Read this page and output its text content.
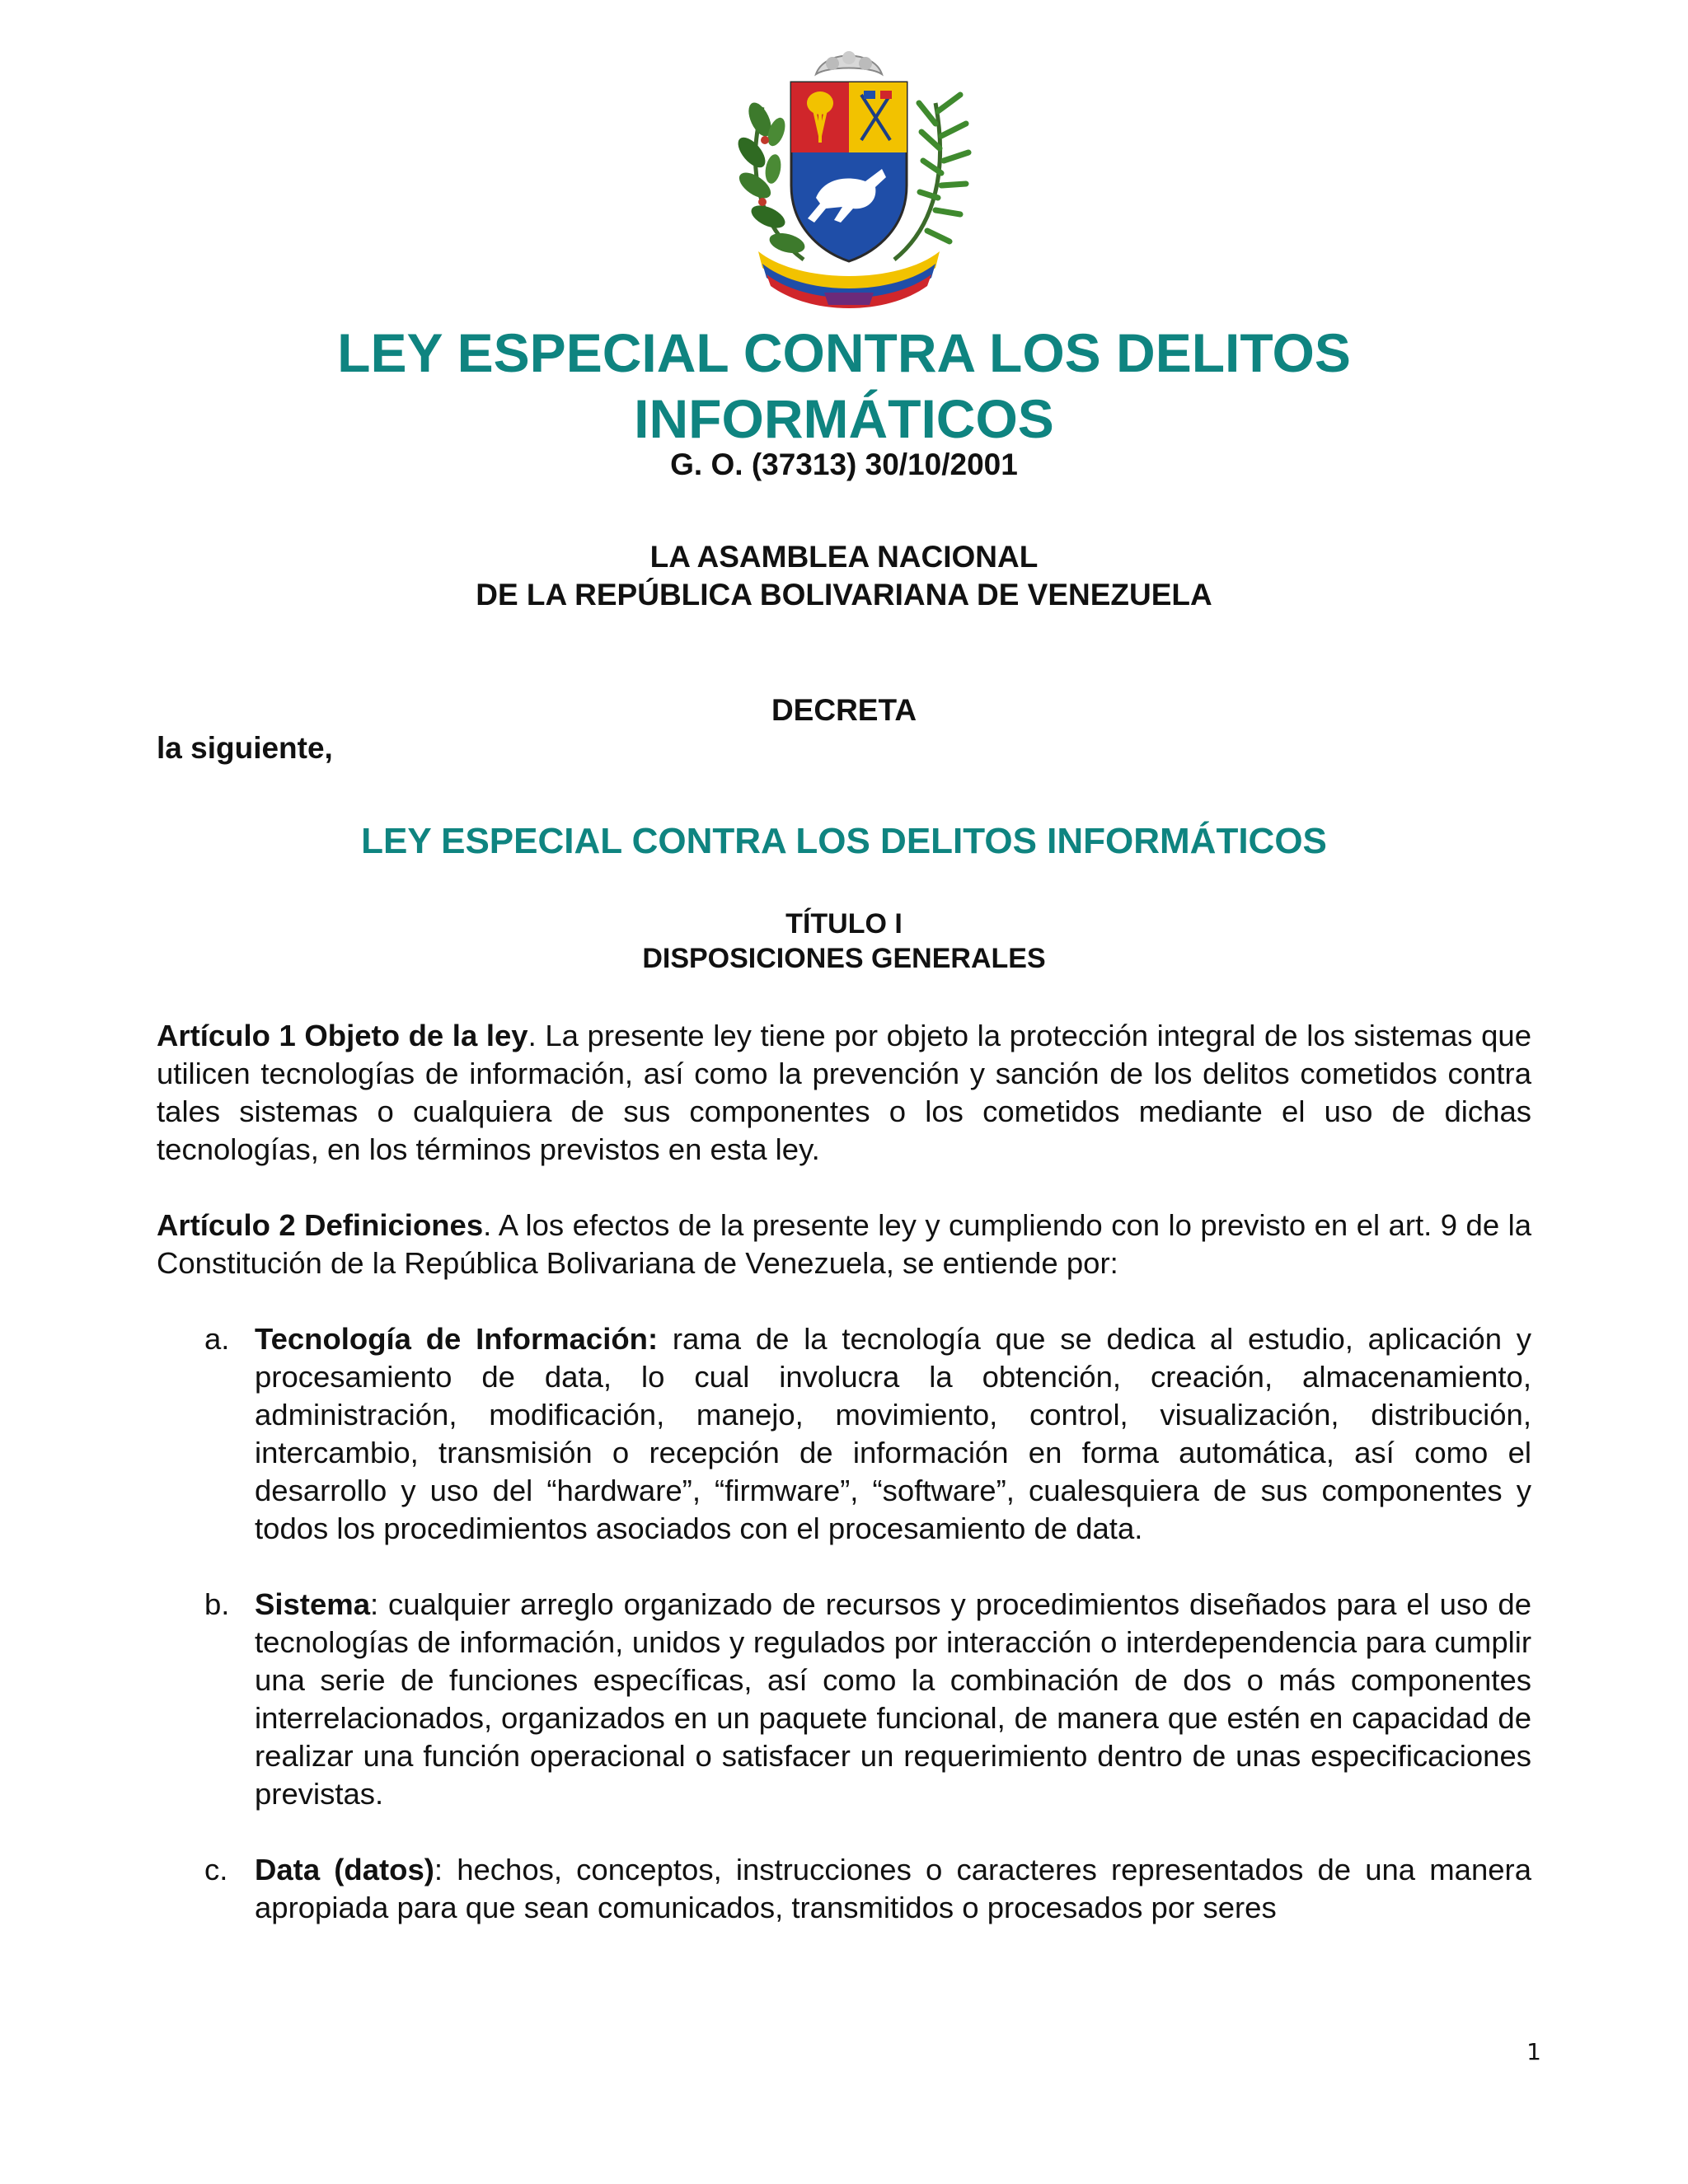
LEY ESPECIAL CONTRA LOS DELITOS
INFORMÁTICOS
G. O. (37313) 30/10/2001
LA ASAMBLEA NACIONAL
DE LA REPÚBLICA BOLIVARIANA DE VENEZUELA
DECRETA
la siguiente,
LEY ESPECIAL CONTRA LOS DELITOS INFORMÁTICOS
TÍTULO I
DISPOSICIONES GENERALES

Artículo 1 Objeto de la ley. La presente ley tiene por objeto la protección integral de los sistemas que utilicen tecnologías de información, así como la prevención y sanción de los delitos cometidos contra tales sistemas o cualquiera de sus componentes o los cometidos mediante el uso de dichas tecnologías, en los términos previstos en esta ley.

Artículo 2 Definiciones. A los efectos de la presente ley y cumpliendo con lo previsto en el art. 9 de la Constitución de la República Bolivariana de Venezuela, se entiende por:

a. Tecnología de Información: rama de la tecnología que se dedica al estudio, aplicación y procesamiento de data, lo cual involucra la obtención, creación, almacenamiento, administración, modificación, manejo, movimiento, control, visualización, distribución, intercambio, transmisión o recepción de información en forma automática, así como el desarrollo y uso del “hardware”, “firmware”, “software”, cualesquiera de sus componentes y todos los procedimientos asociados con el procesamiento de data.
b. Sistema: cualquier arreglo organizado de recursos y procedimientos diseñados para el uso de tecnologías de información, unidos y regulados por interacción o interdependencia para cumplir una serie de funciones específicas, así como la combinación de dos o más componentes interrelacionados, organizados en un paquete funcional, de manera que estén en capacidad de realizar una función operacional o satisfacer un requerimiento dentro de unas especificaciones previstas.
c. Data (datos): hechos, conceptos, instrucciones o caracteres representados de una manera apropiada para que sean comunicados, transmitidos o procesados por seres
1
